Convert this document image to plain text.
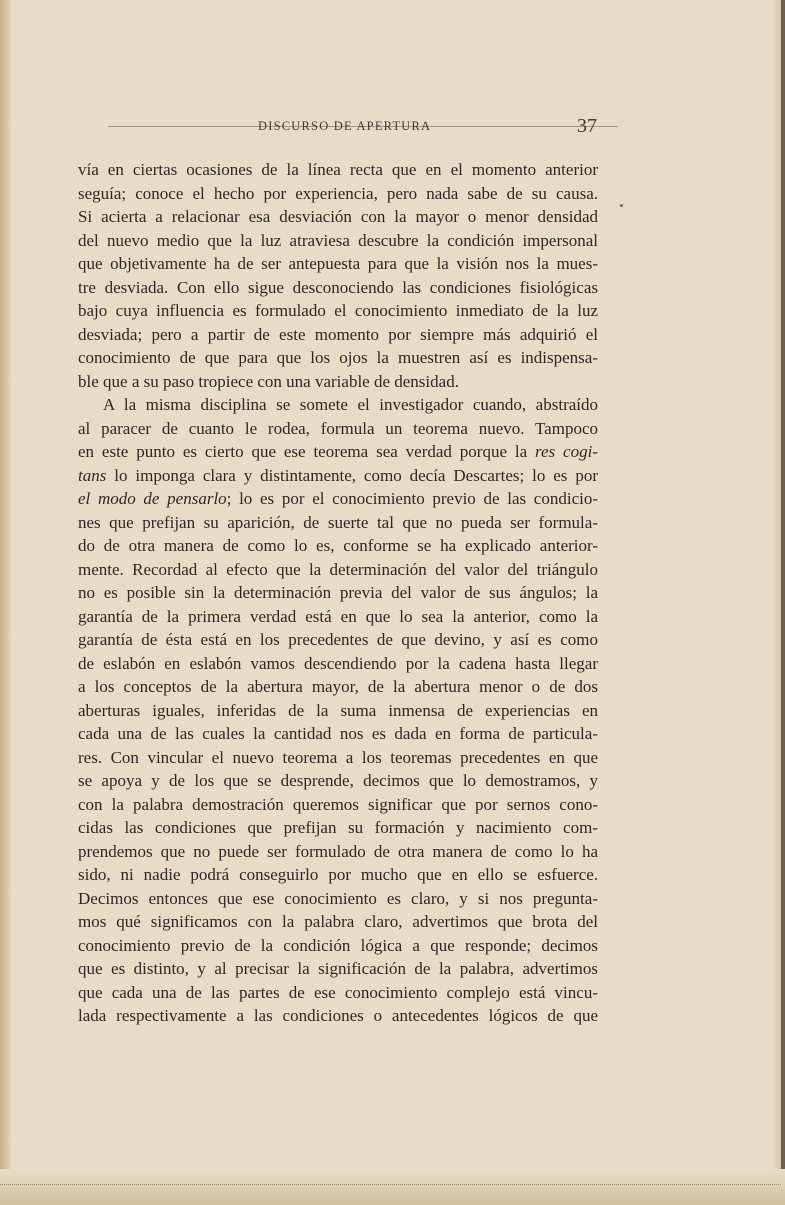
DISCURSO DE APERTURA	37
vía en ciertas ocasiones de la línea recta que en el momento anterior
seguía; conoce el hecho por experiencia, pero nada sabe de su causa.
Si acierta a relacionar esa desviación con la mayor o menor densidad
del nuevo medio que la luz atraviesa descubre la condición impersonal
que objetivamente ha de ser antepuesta para que la visión nos la mues-
tre desviada. Con ello sigue desconociendo las condiciones fisiológicas
bajo cuya influencia es formulado el conocimiento inmediato de la luz
desviada; pero a partir de este momento por siempre más adquirió el
conocimiento de que para que los ojos la muestren así es indispensa-
ble que a su paso tropiece con una variable de densidad.
A la misma disciplina se somete el investigador cuando, abstraído
al paracer de cuanto le rodea, formula un teorema nuevo. Tampoco
en este punto es cierto que ese teorema sea verdad porque la res cogi-
tans lo imponga clara y distintamente, como decía Descartes; lo es por
el modo de pensarlo; lo es por el conocimiento previo de las condicio-
nes que prefijan su aparición, de suerte tal que no pueda ser formula-
do de otra manera de como lo es, conforme se ha explicado anterior-
mente. Recordad al efecto que la determinación del valor del triángulo
no es posible sin la determinación previa del valor de sus ángulos; la
garantía de la primera verdad está en que lo sea la anterior, como la
garantía de ésta está en los precedentes de que devino, y así es como
de eslabón en eslabón vamos descendiendo por la cadena hasta llegar
a los conceptos de la abertura mayor, de la abertura menor o de dos
aberturas iguales, inferidas de la suma inmensa de experiencias en
cada una de las cuales la cantidad nos es dada en forma de particula-
res. Con vincular el nuevo teorema a los teoremas precedentes en que
se apoya y de los que se desprende, decimos que lo demostramos, y
con la palabra demostración queremos significar que por sernos cono-
cidas las condiciones que prefijan su formación y nacimiento com-
prendemos que no puede ser formulado de otra manera de como lo ha
sido, ni nadie podrá conseguirlo por mucho que en ello se esfuerce.
Decimos entonces que ese conocimiento es claro, y si nos pregunta-
mos qué significamos con la palabra claro, advertimos que brota del
conocimiento previo de la condición lógica a que responde; decimos
que es distinto, y al precisar la significación de la palabra, advertimos
que cada una de las partes de ese conocimiento complejo está vincu-
lada respectivamente a las condiciones o antecedentes lógicos de que
